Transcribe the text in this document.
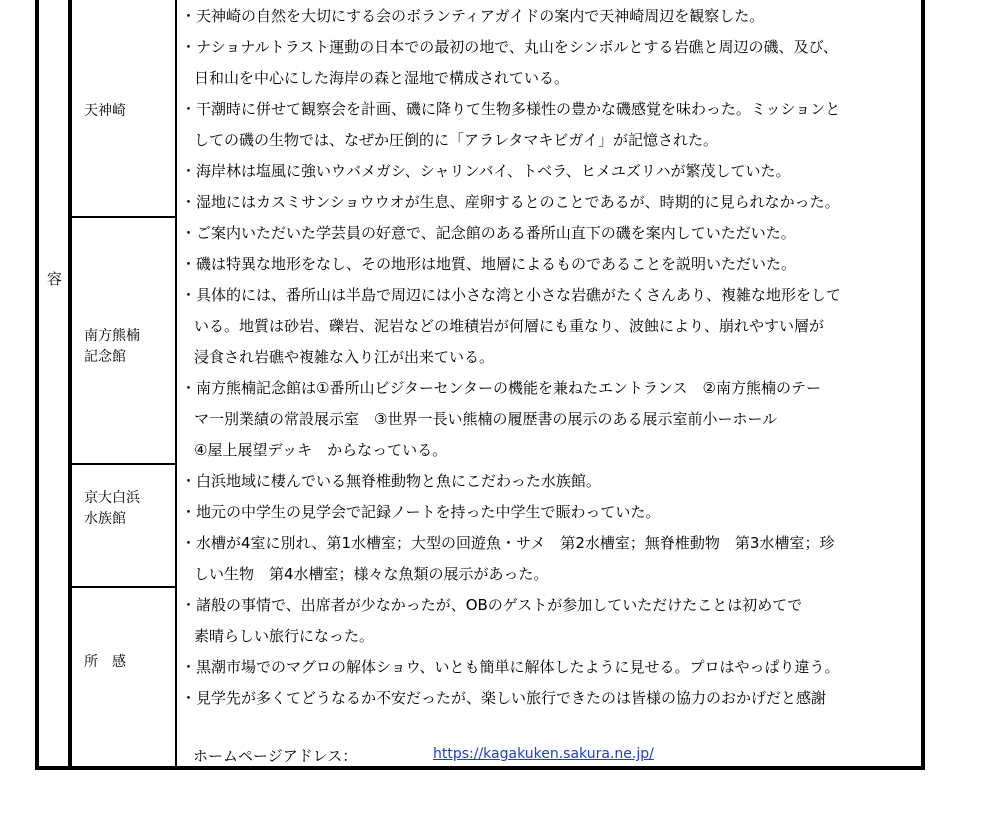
容
天神崎
南方熊楠
記念館
京大白浜
水族館
所　感
・天神崎の自然を大切にする会のボランティアガイドの案内で天神崎周辺を観察した。
・ナショナルトラスト運動の日本での最初の地で、丸山をシンボルとする岩礁と周辺の磯、及び、
日和山を中心にした海岸の森と湿地で構成されている。
・干潮時に併せて観察会を計画、磯に降りて生物多様性の豊かな磯感覚を味わった。ミッションと
しての磯の生物では、なぜか圧倒的に「アラレタマキビガイ」が記憶された。
・海岸林は塩風に強いウバメガシ、シャリンバイ、トベラ、ヒメユズリハが繁茂していた。
・湿地にはカスミサンショウウオが生息、産卵するとのことであるが、時期的に見られなかった。
・ご案内いただいた学芸員の好意で、記念館のある番所山直下の磯を案内していただいた。
・磯は特異な地形をなし、その地形は地質、地層によるものであることを説明いただいた。
・具体的には、番所山は半島で周辺には小さな湾と小さな岩礁がたくさんあり、複雑な地形をして
いる。地質は砂岩、礫岩、泥岩などの堆積岩が何層にも重なり、波蝕により、崩れやすい層が
浸食され岩礁や複雑な入り江が出来ている。
・南方熊楠記念館は①番所山ビジターセンターの機能を兼ねたエントランス　②南方熊楠のテー
マ一別業績の常設展示室　③世界一長い熊楠の履歴書の展示のある展示室前小ーホール
④屋上展望デッキ　からなっている。
・白浜地域に棲んでいる無脊椎動物と魚にこだわった水族館。
・地元の中学生の見学会で記録ノートを持った中学生で賑わっていた。
・水槽が4室に別れ、第1水槽室；大型の回遊魚・サメ　第2水槽室；無脊椎動物　第3水槽室；珍
しい生物　第4水槽室；様々な魚類の展示があった。
・諸般の事情で、出席者が少なかったが、OBのゲストが参加していただけたことは初めてで
素晴らしい旅行になった。
・黒潮市場でのマグロの解体ショウ、いとも簡単に解体したように見せる。プロはやっぱり違う。
・見学先が多くてどうなるか不安だったが、楽しい旅行できたのは皆様の協力のおかげだと感謝
ホームページアドレス：	https://kagakuken.sakura.ne.jp/
